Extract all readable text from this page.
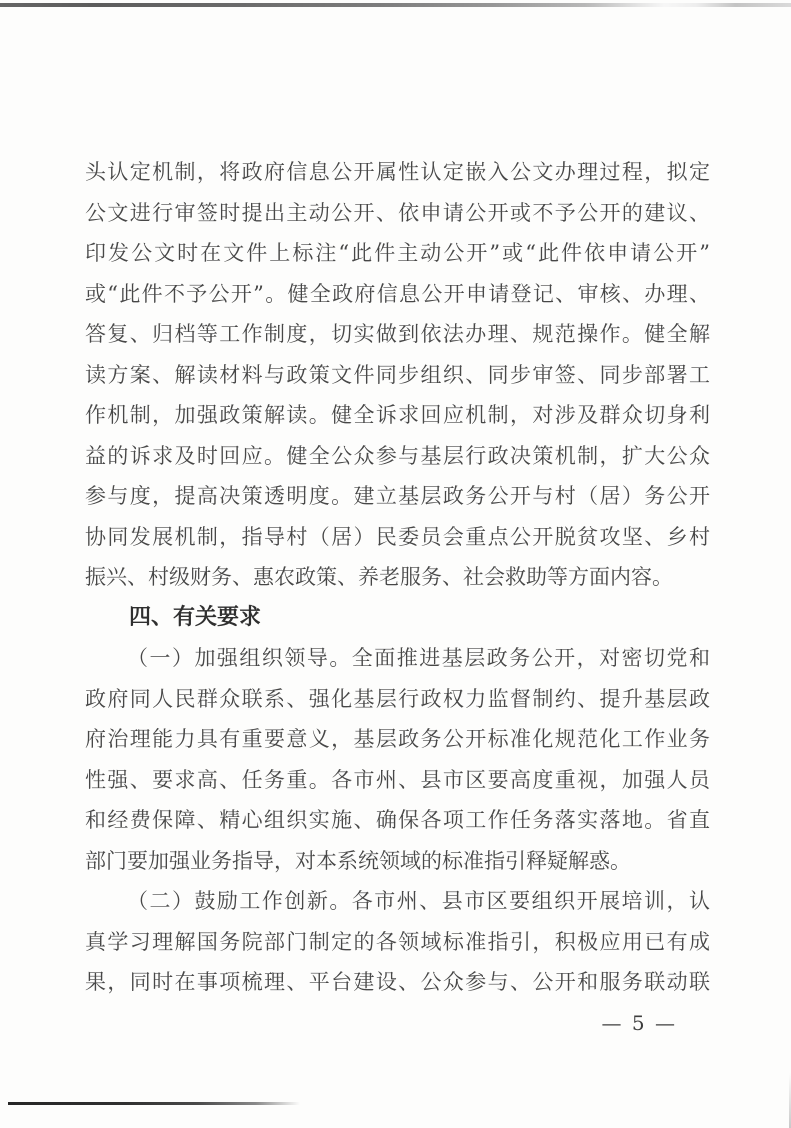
头认定机制，将政府信息公开属性认定嵌入公文办理过程，拟定
公文进行审签时提出主动公开、依申请公开或不予公开的建议、
印发公文时在文件上标注“此件主动公开”或“此件依申请公开”
或“此件不予公开”。健全政府信息公开申请登记、审核、办理、
答复、归档等工作制度，切实做到依法办理、规范操作。健全解
读方案、解读材料与政策文件同步组织、同步审签、同步部署工
作机制，加强政策解读。健全诉求回应机制，对涉及群众切身利
益的诉求及时回应。健全公众参与基层行政决策机制，扩大公众
参与度，提高决策透明度。建立基层政务公开与村（居）务公开
协同发展机制，指导村（居）民委员会重点公开脱贫攻坚、乡村
振兴、村级财务、惠农政策、养老服务、社会救助等方面内容。
四、有关要求
（一）加强组织领导。全面推进基层政务公开，对密切党和
政府同人民群众联系、强化基层行政权力监督制约、提升基层政
府治理能力具有重要意义，基层政务公开标准化规范化工作业务
性强、要求高、任务重。各市州、县市区要高度重视，加强人员
和经费保障、精心组织实施、确保各项工作任务落实落地。省直
部门要加强业务指导，对本系统领域的标准指引释疑解惑。
（二）鼓励工作创新。各市州、县市区要组织开展培训，认
真学习理解国务院部门制定的各领域标准指引，积极应用已有成
果，同时在事项梳理、平台建设、公众参与、公开和服务联动联
— 5 —
